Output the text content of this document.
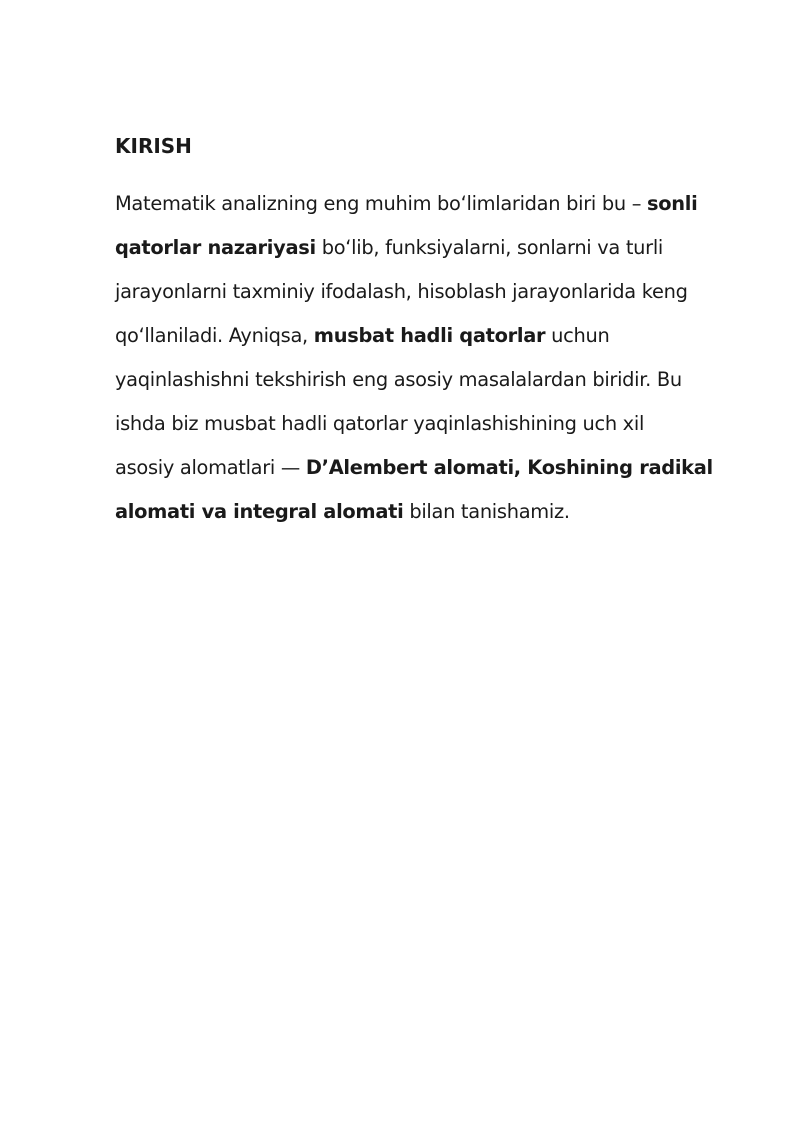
KIRISH

Matematik analizning eng muhim bo‘limlaridan biri bu – sonli
qatorlar nazariyasi bo‘lib, funksiyalarni, sonlarni va turli
jarayonlarni taxminiy ifodalash, hisoblash jarayonlarida keng
qo‘llaniladi. Ayniqsa, musbat hadli qatorlar uchun
yaqinlashishni tekshirish eng asosiy masalalardan biridir. Bu
ishda biz musbat hadli qatorlar yaqinlashishining uch xil
asosiy alomatlari — D’Alembert alomati, Koshining radikal
alomati va integral alomati bilan tanishamiz.
